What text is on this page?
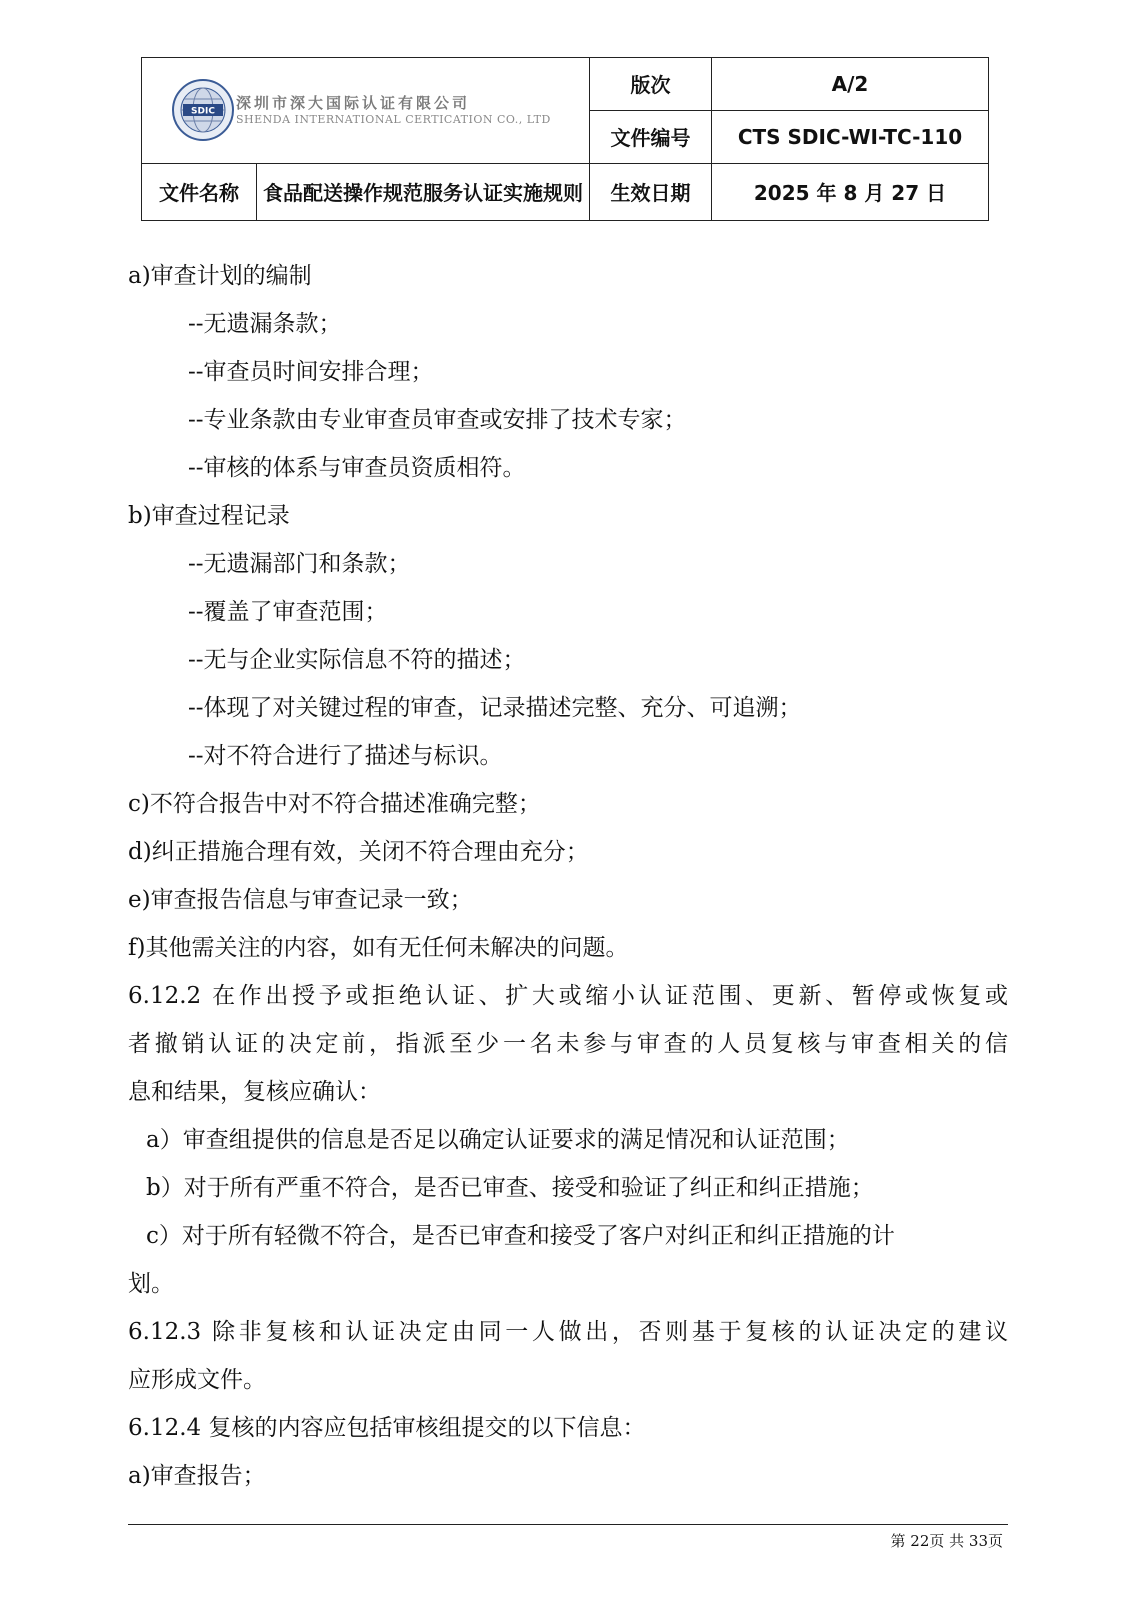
SDIC 深圳市深大国际认证有限公司
SHENDA INTERNATIONAL CERTICATION CO., LTD		版次	A/2
		文件编号	CTS SDIC-WI-TC-110
文件名称	食品配送操作规范服务认证实施规则	生效日期	2025 年 8 月 27 日
a)审查计划的编制
--无遗漏条款；
--审查员时间安排合理；
--专业条款由专业审查员审查或安排了技术专家；
--审核的体系与审查员资质相符。
b)审查过程记录
--无遗漏部门和条款；
--覆盖了审查范围；
--无与企业实际信息不符的描述；
--体现了对关键过程的审查，记录描述完整、充分、可追溯；
--对不符合进行了描述与标识。
c)不符合报告中对不符合描述准确完整；
d)纠正措施合理有效，关闭不符合理由充分；
e)审查报告信息与审查记录一致；
f)其他需关注的内容，如有无任何未解决的问题。
6.12.2 在作出授予或拒绝认证、扩大或缩小认证范围、更新、暂停或恢复或
者撤销认证的决定前，指派至少一名未参与审查的人员复核与审查相关的信
息和结果，复核应确认：
a）审查组提供的信息是否足以确定认证要求的满足情况和认证范围；
b）对于所有严重不符合，是否已审查、接受和验证了纠正和纠正措施；
c）对于所有轻微不符合，是否已审查和接受了客户对纠正和纠正措施的计
划。
6.12.3 除非复核和认证决定由同一人做出，否则基于复核的认证决定的建议
应形成文件。
6.12.4 复核的内容应包括审核组提交的以下信息：
a)审查报告；
第 22页 共 33页
